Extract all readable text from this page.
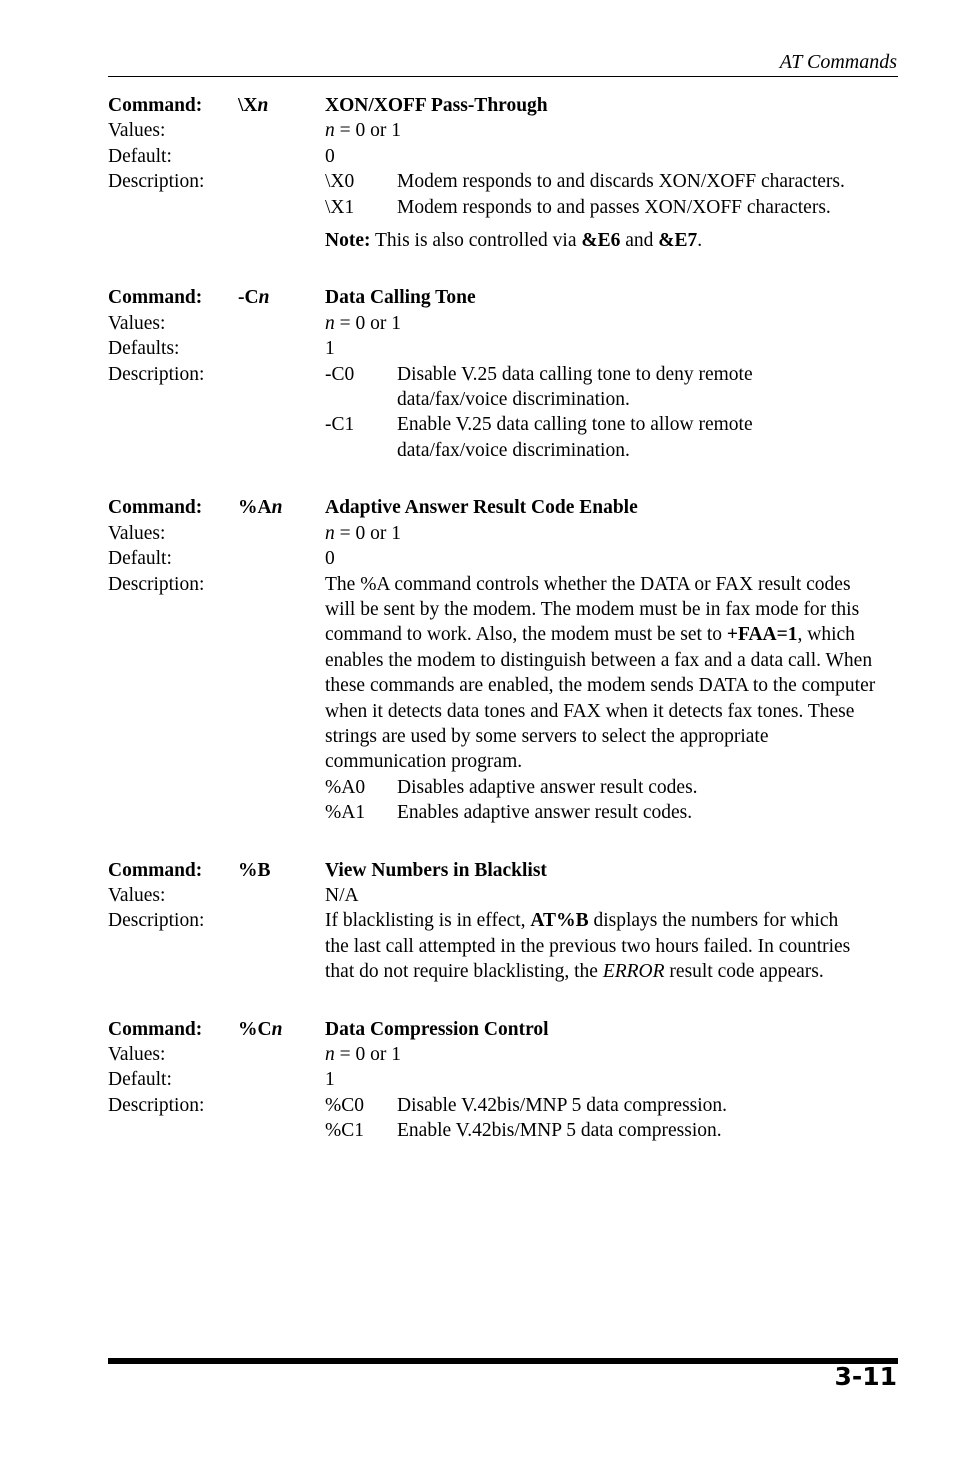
AT Commands
Command:	\Xn	XON/XOFF Pass-Through
Values:	n = 0 or 1
Default:	0
Description:	\X0	Modem responds to and discards XON/XOFF characters.
\X1	Modem responds to and passes XON/XOFF characters.
Note: This is also controlled via &E6 and &E7.
Command:	-Cn	Data Calling Tone
Values:	n = 0 or 1
Defaults:	1
Description:	-C0	Disable V.25 data calling tone to deny remote data/fax/voice discrimination.
-C1	Enable V.25 data calling tone to allow remote data/fax/voice discrimination.
Command:	%An	Adaptive Answer Result Code Enable
Values:	n = 0 or 1
Default:	0
Description:	The %A command controls whether the DATA or FAX result codes will be sent by the modem. The modem must be in fax mode for this command to work. Also, the modem must be set to +FAA=1, which enables the modem to distinguish between a fax and a data call. When these commands are enabled, the modem sends DATA to the computer when it detects data tones and FAX when it detects fax tones. These strings are used by some servers to select the appropriate communication program.
%A0	Disables adaptive answer result codes.
%A1	Enables adaptive answer result codes.
Command:	%B	View Numbers in Blacklist
Values:	N/A
Description:	If blacklisting is in effect, AT%B displays the numbers for which the last call attempted in the previous two hours failed. In countries that do not require blacklisting, the ERROR result code appears.
Command:	%Cn	Data Compression Control
Values:	n = 0 or 1
Default:	1
Description:	%C0	Disable V.42bis/MNP 5 data compression.
%C1	Enable V.42bis/MNP 5 data compression.
3-11
